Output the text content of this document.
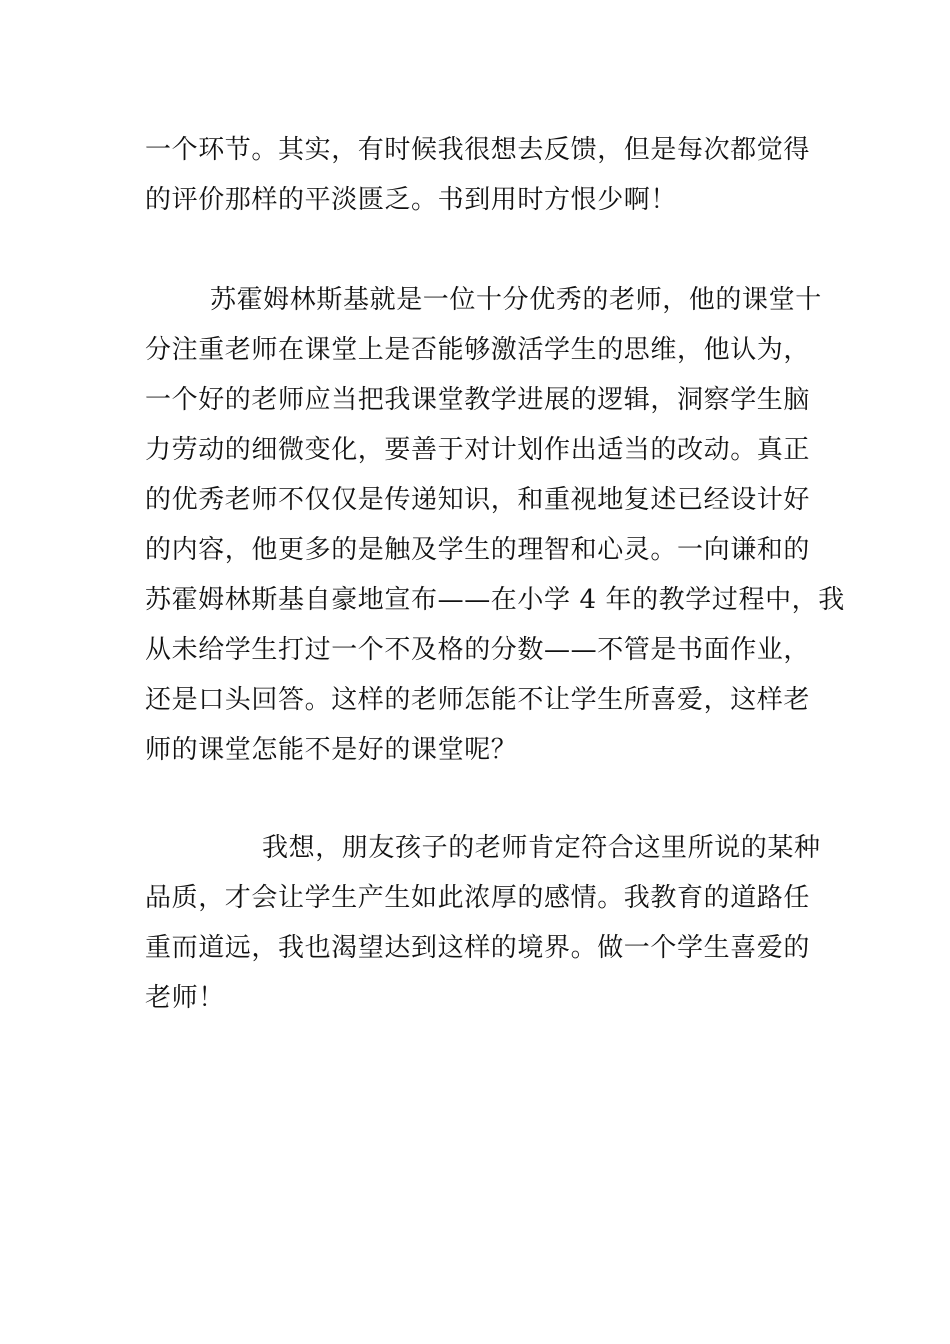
一个环节。其实，有时候我很想去反馈，但是每次都觉得
的评价那样的平淡匮乏。书到用时方恨少啊！
苏霍姆林斯基就是一位十分优秀的老师，他的课堂十
分注重老师在课堂上是否能够激活学生的思维，他认为，
一个好的老师应当把我课堂教学进展的逻辑，洞察学生脑
力劳动的细微变化，要善于对计划作出适当的改动。真正
的优秀老师不仅仅是传递知识，和重视地复述已经设计好
的内容，他更多的是触及学生的理智和心灵。一向谦和的
苏霍姆林斯基自豪地宣布——在小学 4 年的教学过程中，我
从未给学生打过一个不及格的分数——不管是书面作业，
还是口头回答。这样的老师怎能不让学生所喜爱，这样老
师的课堂怎能不是好的课堂呢？
我想，朋友孩子的老师肯定符合这里所说的某种
品质，才会让学生产生如此浓厚的感情。我教育的道路任
重而道远，我也渴望达到这样的境界。做一个学生喜爱的
老师！
